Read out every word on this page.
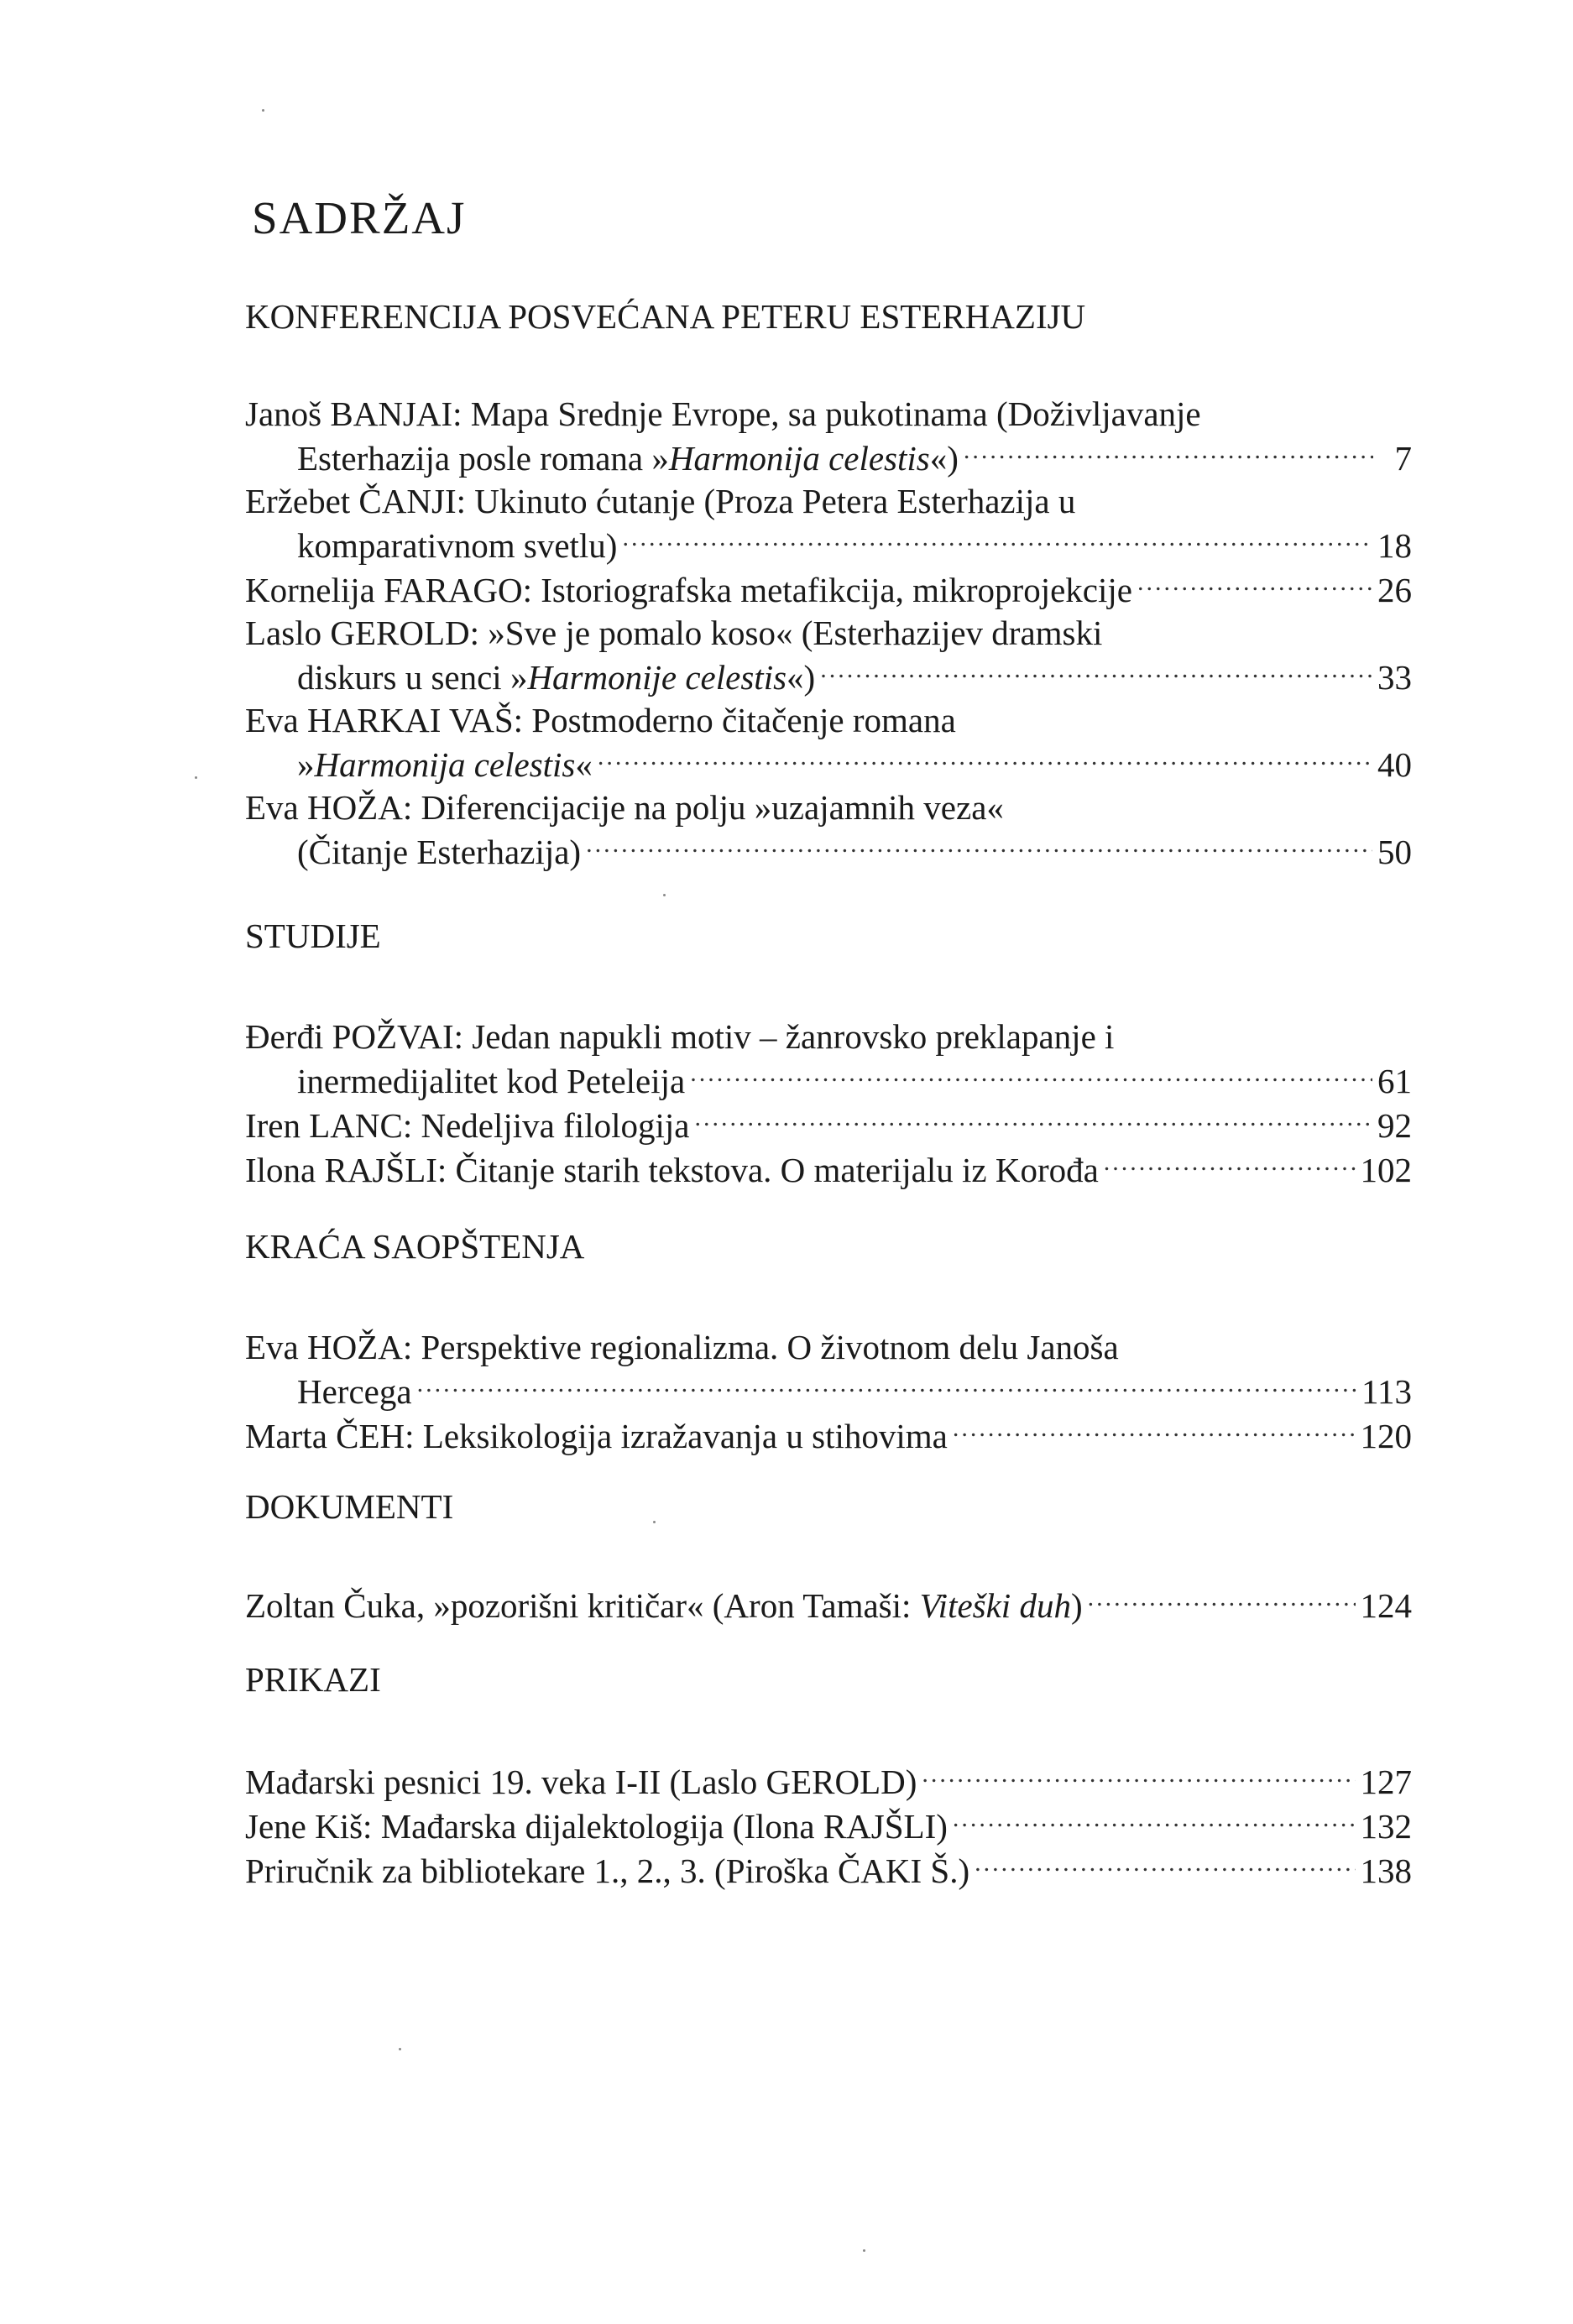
SADRŽAJ
KONFERENCIJA POSVEĆANA PETERU ESTERHAZIJU
Janoš BANJAI: Mapa Srednje Evrope, sa pukotinama (Doživljavanje
Esterhazija posle romana »Harmonija celestis«) .....	7
Eržebet ČANJI: Ukinuto ćutanje (Proza Petera Esterhazija u
komparativnom svetlu) .....	18
Kornelija FARAGO: Istoriografska metafikcija, mikroprojekcije .....	26
Laslo GEROLD: »Sve je pomalo koso« (Esterhazijev dramski
diskurs u senci »Harmonije celestis«) .....	33
Eva HARKAI VAŠ: Postmoderno čitačenje romana
»Harmonija celestis« .....	40
Eva HOŽA: Diferencijacije na polju »uzajamnih veza«
(Čitanje Esterhazija) .....	50
STUDIJE
Đerđi POŽVAI: Jedan napukli motiv – žanrovsko preklapanje i
inermedijalitet kod Peteleija .....	61
Iren LANC: Nedeljiva filologija .....	92
Ilona RAJŠLI: Čitanje starih tekstova. O materijalu iz Korođa .....	102
KRAĆA SAOPŠTENJA
Eva HOŽA: Perspektive regionalizma. O životnom delu Janoša
Hercega .....	113
Marta ČEH: Leksikologija izražavanja u stihovima .....	120
DOKUMENTI
Zoltan Čuka, »pozorišni kritičar« (Aron Tamaši: Viteški duh) .....	124
PRIKAZI
Mađarski pesnici 19. veka I-II (Laslo GEROLD) .....	127
Jene Kiš: Mađarska dijalektologija (Ilona RAJŠLI) .....	132
Priručnik za bibliotekare 1., 2., 3. (Piroška ČAKI Š.) .....	138
